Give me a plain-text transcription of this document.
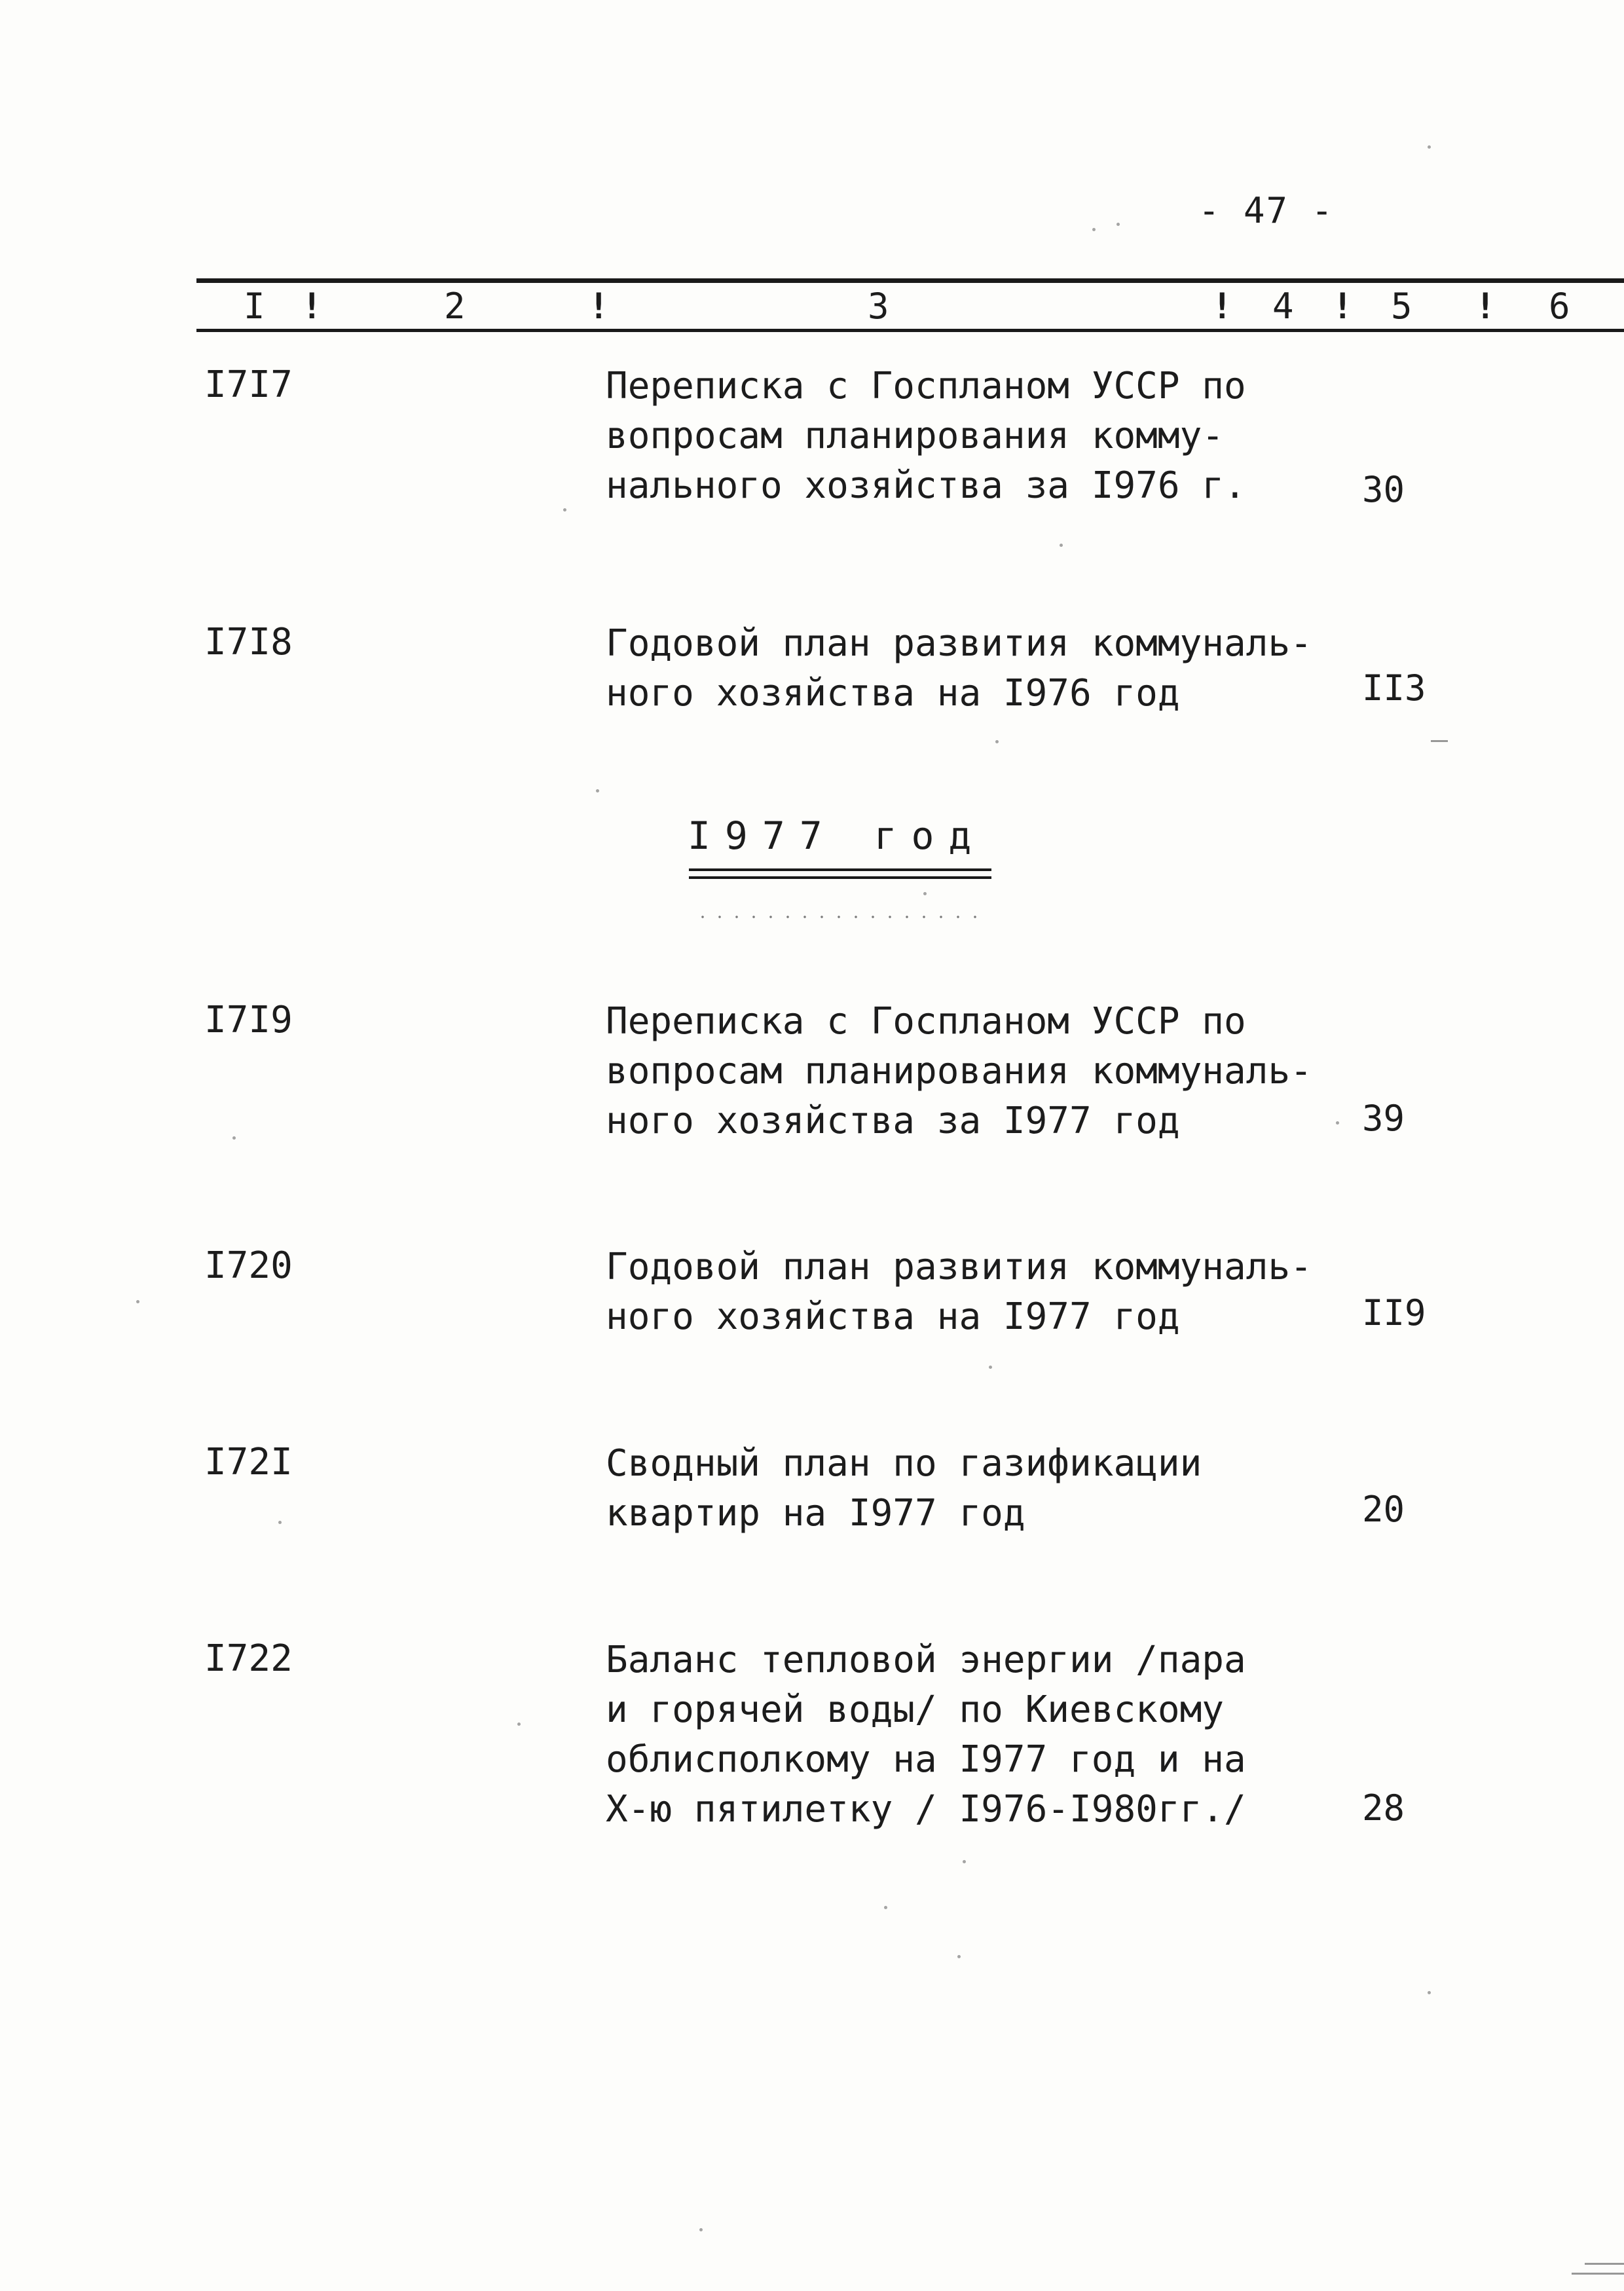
- 47 -
I !	2	!	3	! 4 ! 5 ! 6
I7I7	Переписка с Госпланом УССР по
вопросам планирования комму-
нального хозяйства за I976 г.	30
I7I8	Годовой план развития коммуналь-
ного хозяйства на I976 год	II3
I977 год
I7I9	Переписка с Госпланом УССР по
вопросам планирования коммуналь-
ного хозяйства за I977 год	39
I720	Годовой план развития коммуналь-
ного хозяйства на I977 год	II9
I72I	Сводный план по газификации
квартир на I977 год	20
I722	Баланс тепловой энергии /пара
и горячей воды/ по Киевскому
облисполкому на I977 год и на
Х-ю пятилетку / I976-I980гг./	28
